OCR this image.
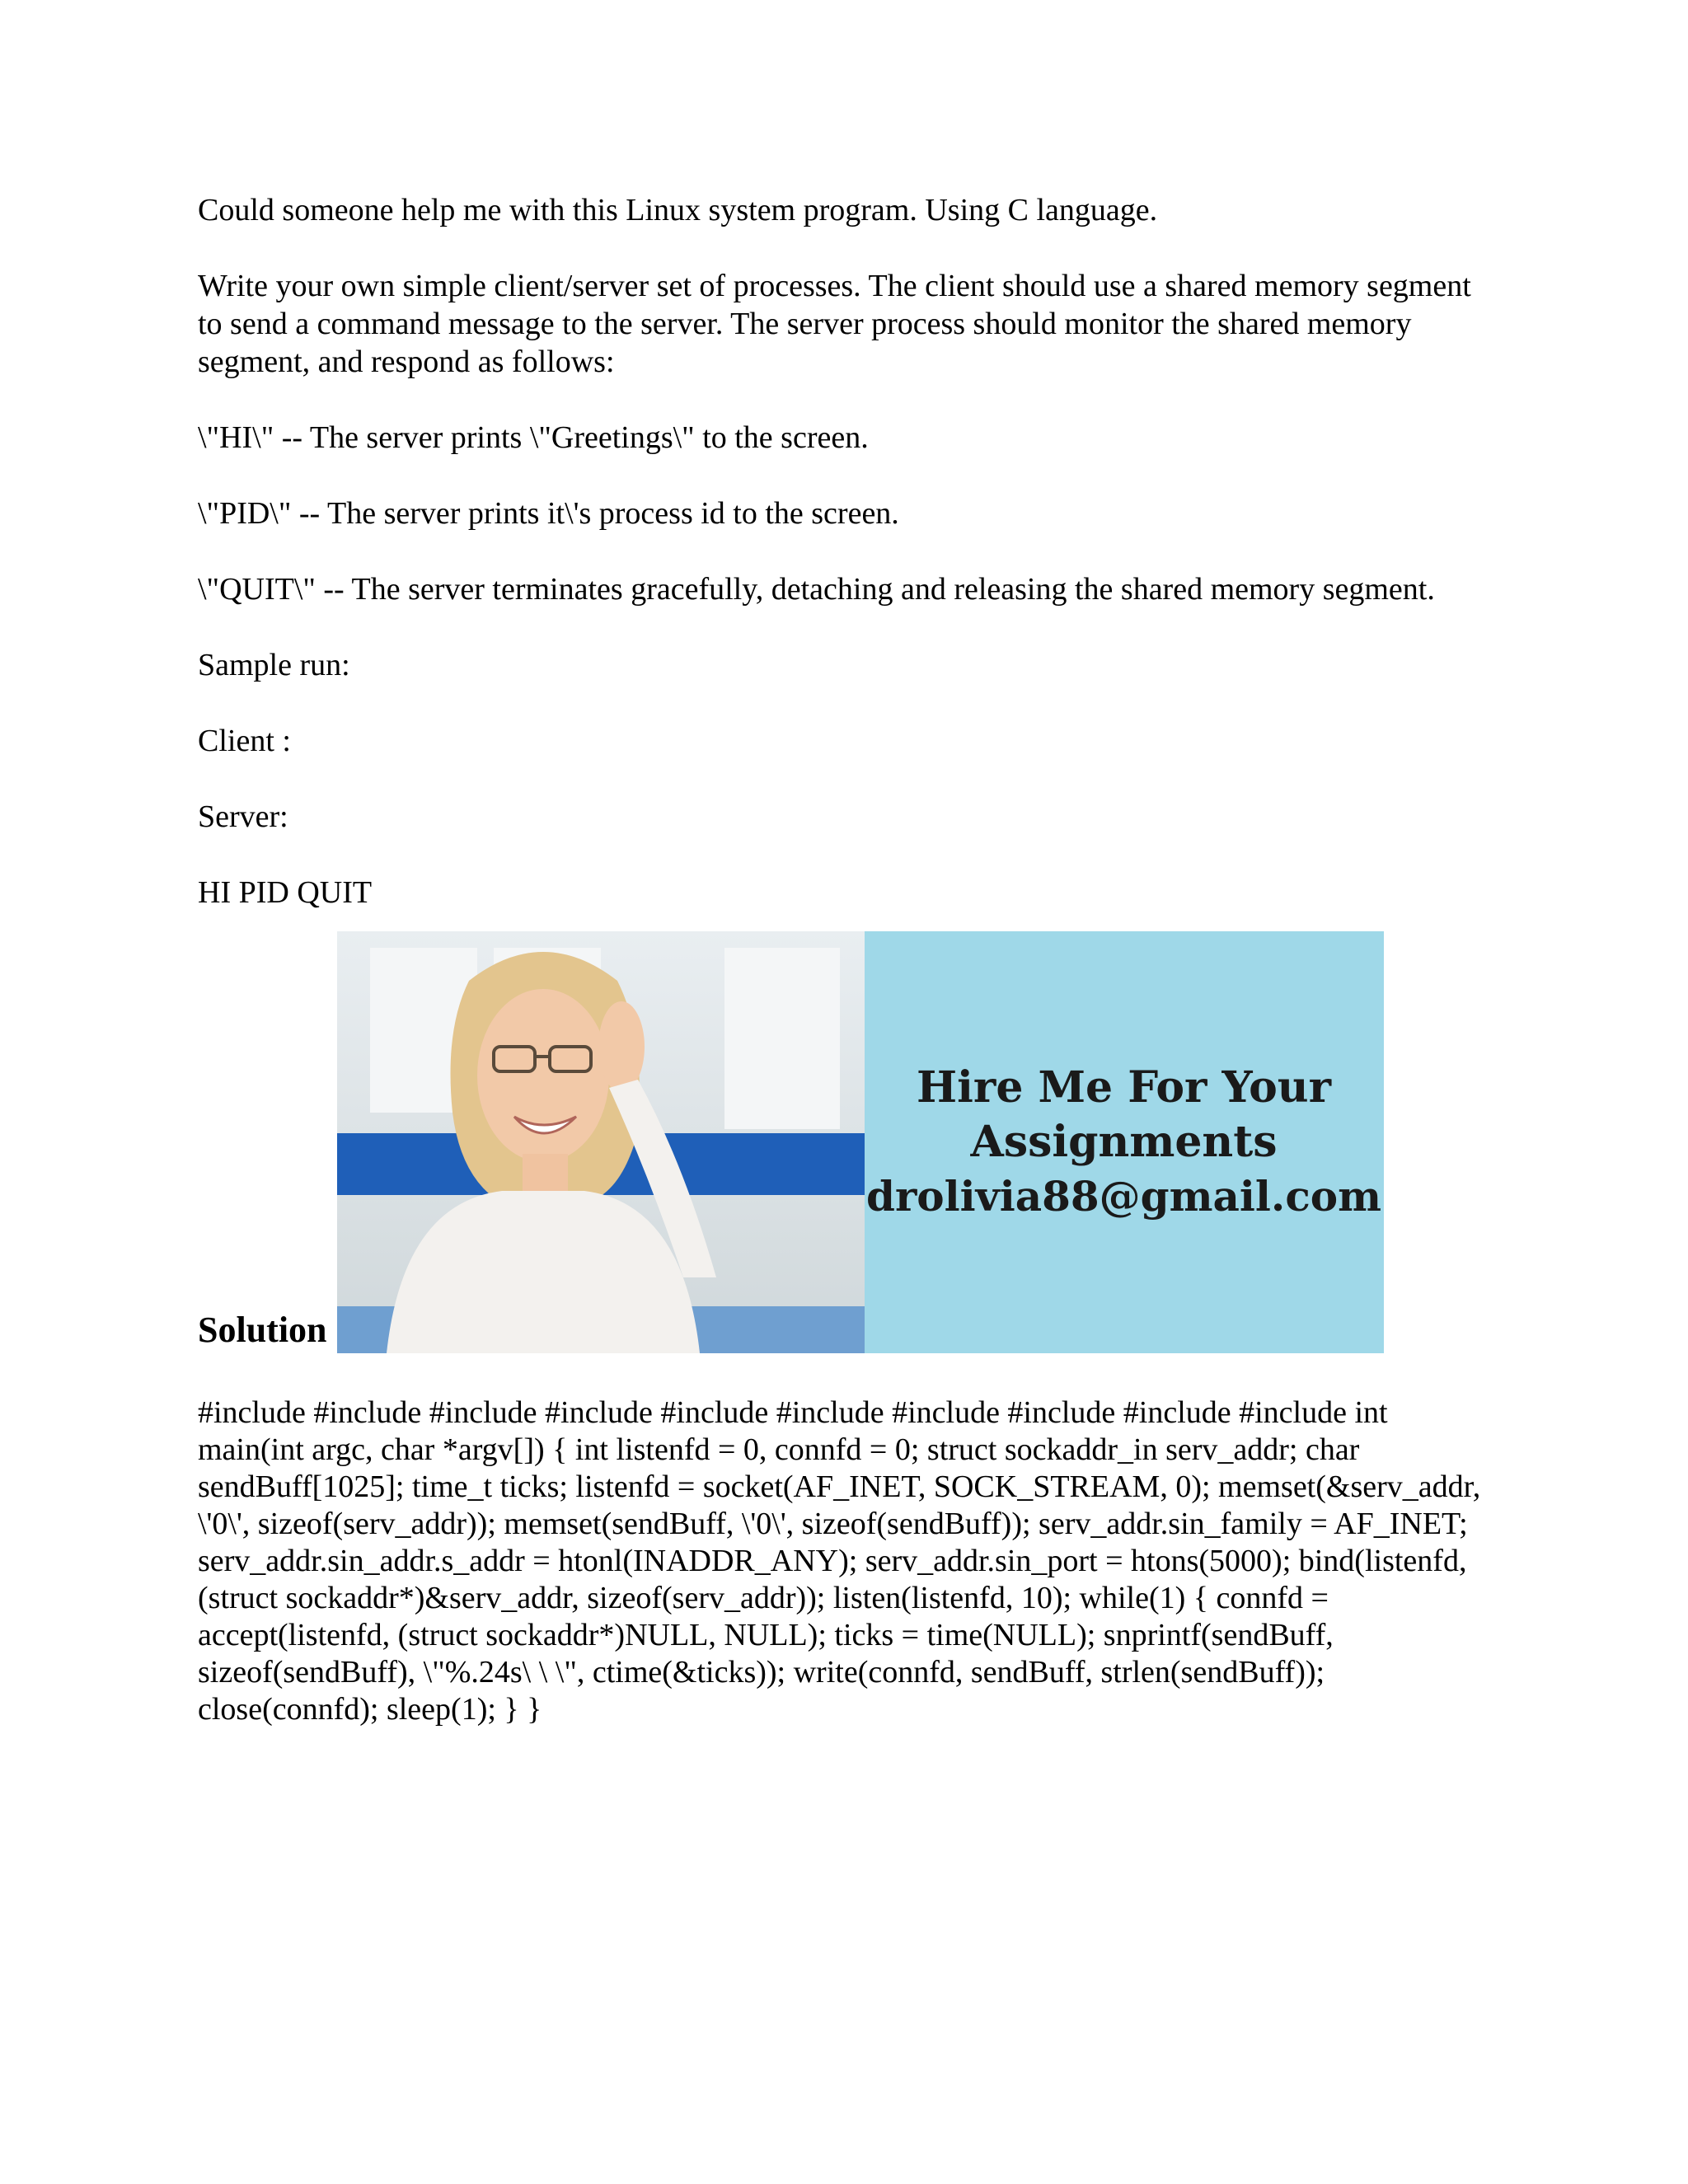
Could someone help me with this Linux system program. Using C language.

Write your own simple client/server set of processes. The client should use a shared memory segment to send a command message to the server. The server process should monitor the shared memory segment, and respond as follows:

\"HI\" -- The server prints \"Greetings\" to the screen.

\"PID\" -- The server prints it\'s process id to the screen.

\"QUIT\" -- The server terminates gracefully, detaching and releasing the shared memory segment.

Sample run:

Client :

Server:

HI PID QUIT

Solution
Hire Me For Your
Assignments
drolivia88@gmail.com

#include #include #include #include #include #include #include #include #include #include int main(int argc, char *argv[]) { int listenfd = 0, connfd = 0; struct sockaddr_in serv_addr; char sendBuff[1025]; time_t ticks; listenfd = socket(AF_INET, SOCK_STREAM, 0); memset(&serv_addr, \'0\', sizeof(serv_addr)); memset(sendBuff, \'0\', sizeof(sendBuff)); serv_addr.sin_family = AF_INET; serv_addr.sin_addr.s_addr = htonl(INADDR_ANY); serv_addr.sin_port = htons(5000); bind(listenfd, (struct sockaddr*)&serv_addr, sizeof(serv_addr)); listen(listenfd, 10); while(1) { connfd = accept(listenfd, (struct sockaddr*)NULL, NULL); ticks = time(NULL); snprintf(sendBuff, sizeof(sendBuff), \"%.24s\ \ \", ctime(&ticks)); write(connfd, sendBuff, strlen(sendBuff)); close(connfd); sleep(1); } }
